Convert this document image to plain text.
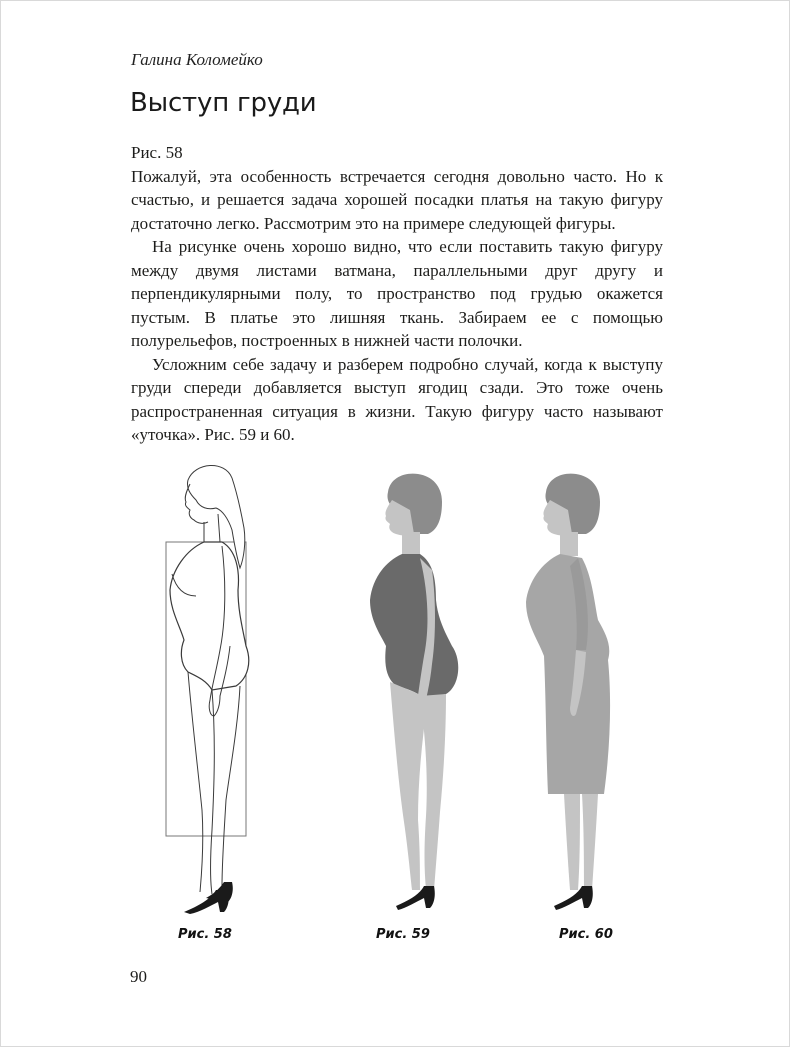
Галина Коломейко
Выступ груди

Рис. 58

Пожалуй, эта особенность встречается сегодня довольно часто. Но к счастью, и решается задача хорошей посадки платья на такую фигуру достаточно легко. Рассмотрим это на примере следующей фигуры.

На рисунке очень хорошо видно, что если поставить такую фигуру между двумя листами ватмана, параллельными друг другу и перпендикулярными полу, то пространство под грудью окажется пустым. В платье это лишняя ткань. Забираем ее с помощью полурельефов, построенных в нижней части полочки.

Усложним себе задачу и разберем подробно случай, когда к выступу груди спереди добавляется выступ ягодиц сзади. Это тоже очень распространенная ситуация в жизни. Такую фигуру часто называют «уточка». Рис. 59 и 60.

Рис. 58	Рис. 59	Рис. 60
90
